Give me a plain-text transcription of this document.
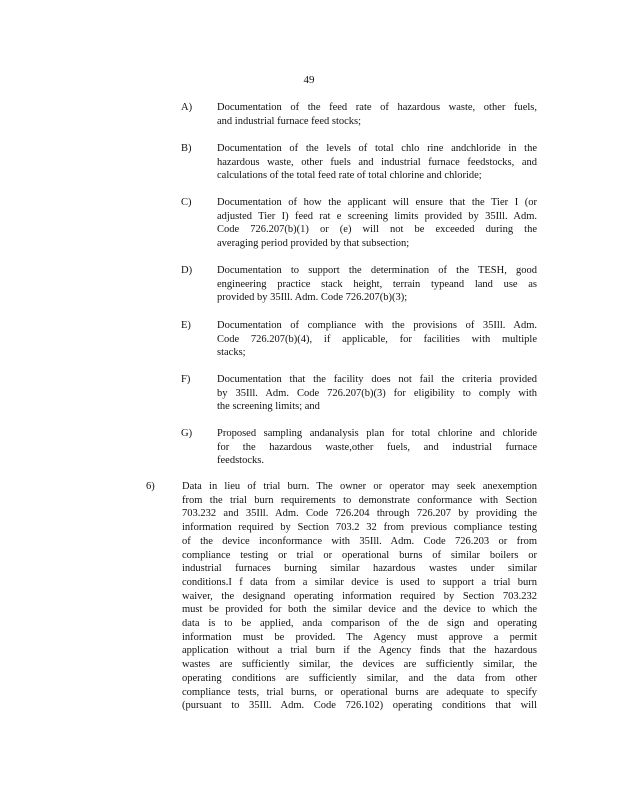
49
A) Documentation of the feed rate of hazardous waste, other fuels,
and industrial furnace feed stocks;
B) Documentation of the levels of total chlo rine andchloride in the
hazardous waste, other fuels and industrial furnace feedstocks, and
calculations of the total feed rate of total chlorine and chloride;
C) Documentation of how the applicant will ensure that the Tier I (or
adjusted Tier I) feed rat e screening limits provided by 35Ill. Adm.
Code 726.207(b)(1) or (e) will not be exceeded during the
averaging period provided by that subsection;
D) Documentation to support the determination of the TESH, good
engineering practice stack height, terrain typeand land use as
provided by 35Ill. Adm. Code 726.207(b)(3);
E) Documentation of compliance with the provisions of 35Ill. Adm.
Code 726.207(b)(4), if applicable, for facilities with multiple
stacks;
F)	Documentation that the facility does not fail the criteria provided
by 35Ill. Adm. Code 726.207(b)(3) for eligibility to comply with
the screening limits; and
G) Proposed sampling andanalysis plan for total chlorine and chloride
for the hazardous waste,other fuels, and industrial furnace
feedstocks.
6)	Data in lieu of trial burn. The owner or operator may seek anexemption
from the trial burn requirements to demonstrate conformance with Section
703.232 and 35Ill. Adm. Code 726.204 through 726.207 by providing the
information required by Section 703.2 32 from previous compliance testing
of the device inconformance with 35Ill. Adm. Code 726.203 or from
compliance testing or trial or operational burns of similar boilers or
industrial furnaces burning similar hazardous wastes under similar
conditions.I f data from a similar device is used to support a trial burn
waiver, the designand operating information required by Section 703.232
must be provided for both the similar device and the device to which the
data is to be applied, anda comparison of the de sign and operating
information must be provided. The Agency must approve a permit
application without a trial burn if the Agency finds that the hazardous
wastes are sufficiently similar, the devices are sufficiently similar, the
operating conditions are sufficiently similar, and the data from other
compliance tests, trial burns, or operational burns are adequate to specify
(pursuant to 35Ill. Adm. Code 726.102) operating conditions that will
